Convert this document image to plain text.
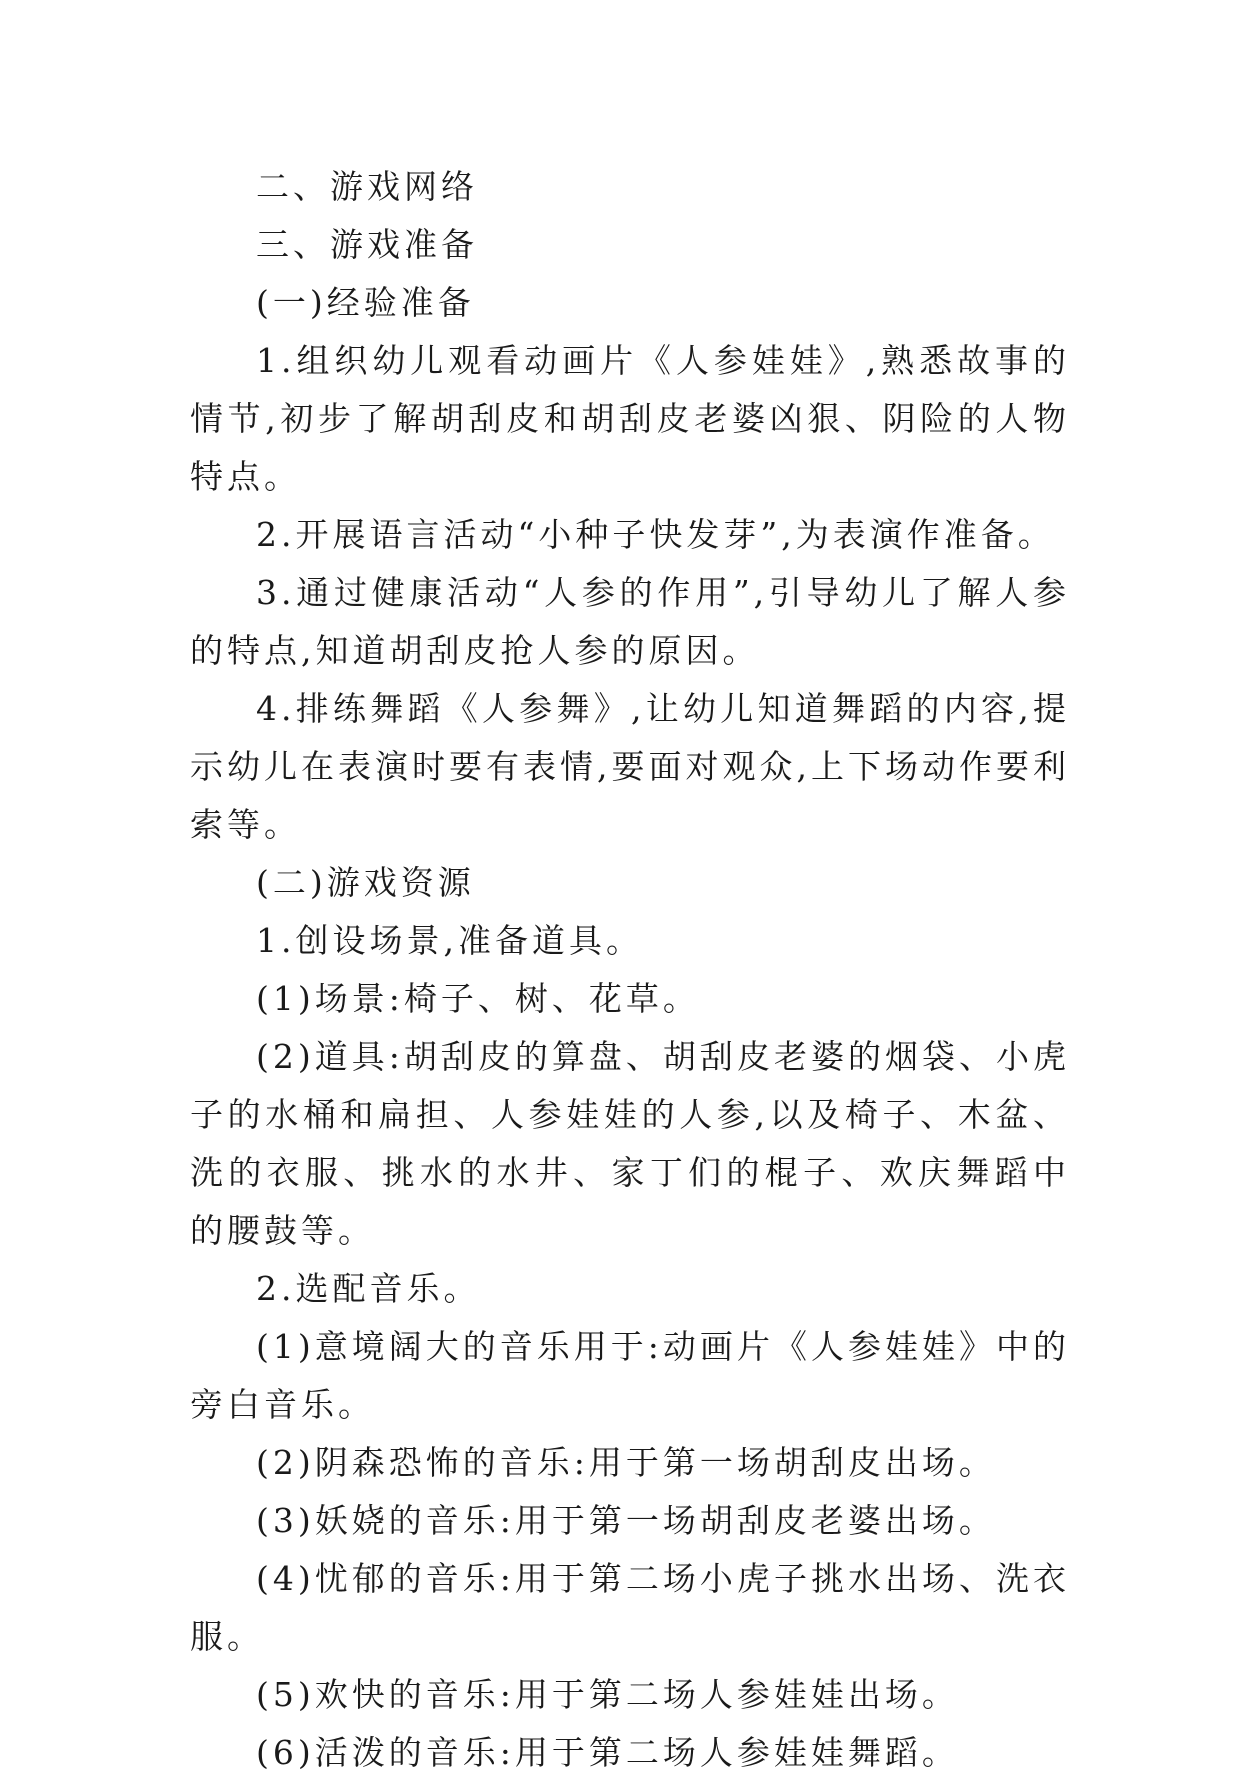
二、游戏网络

三、游戏准备

(一)经验准备

1.组织幼儿观看动画片《人参娃娃》,熟悉故事的情节,初步了解胡刮皮和胡刮皮老婆凶狠、阴险的人物特点。

2.开展语言活动“小种子快发芽”,为表演作准备。

3.通过健康活动“人参的作用”,引导幼儿了解人参的特点,知道胡刮皮抢人参的原因。

4.排练舞蹈《人参舞》,让幼儿知道舞蹈的内容,提示幼儿在表演时要有表情,要面对观众,上下场动作要利索等。

(二)游戏资源

1.创设场景,准备道具。

(1)场景:椅子、树、花草。

(2)道具:胡刮皮的算盘、胡刮皮老婆的烟袋、小虎子的水桶和扁担、人参娃娃的人参,以及椅子、木盆、洗的衣服、挑水的水井、家丁们的棍子、欢庆舞蹈中的腰鼓等。

2.选配音乐。

(1)意境阔大的音乐用于:动画片《人参娃娃》中的旁白音乐。

(2)阴森恐怖的音乐:用于第一场胡刮皮出场。

(3)妖娆的音乐:用于第一场胡刮皮老婆出场。

(4)忧郁的音乐:用于第二场小虎子挑水出场、洗衣服。

(5)欢快的音乐:用于第二场人参娃娃出场。

(6)活泼的音乐:用于第二场人参娃娃舞蹈。
